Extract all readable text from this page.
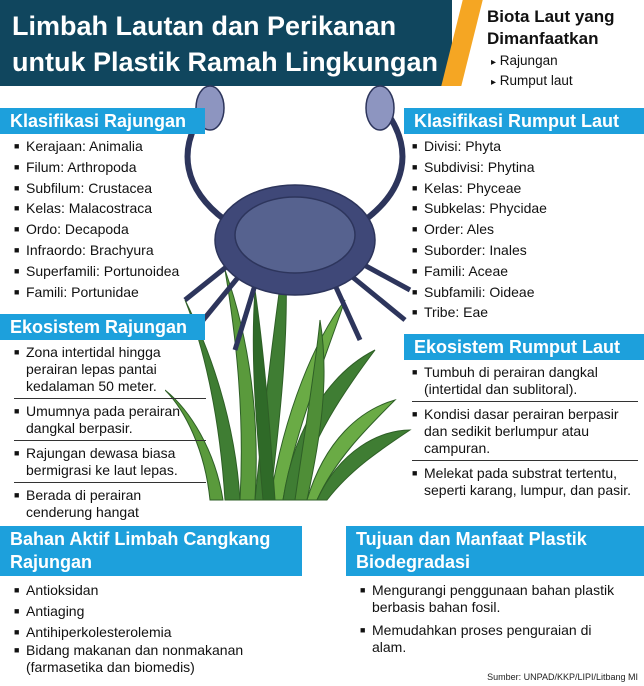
Limbah Lautan dan Perikanan
untuk Plastik Ramah Lingkungan
Biota Laut yang Dimanfaatkan
▸ Rajungan
▸ Rumput laut
Klasifikasi Rajungan
■ Kerajaan: Animalia
■ Filum: Arthropoda
■ Subfilum: Crustacea
■ Kelas: Malacostraca
■ Ordo: Decapoda
■ Infraordo: Brachyura
■ Superfamili: Portunoidea
■ Famili: Portunidae
Ekosistem Rajungan
■ Zona intertidal hingga perairan lepas pantai kedalaman 50 meter.
■ Umumnya pada perairan dangkal berpasir.
■ Rajungan dewasa biasa bermigrasi ke laut lepas.
■ Berada di perairan cenderung hangat
Klasifikasi Rumput Laut
■ Divisi: Phyta
■ Subdivisi: Phytina
■ Kelas: Phyceae
■ Subkelas: Phycidae
■ Order: Ales
■ Suborder: Inales
■ Famili: Aceae
■ Subfamili: Oideae
■ Tribe: Eae
Ekosistem Rumput Laut
■ Tumbuh di perairan dangkal (intertidal dan sublitoral).
■ Kondisi dasar perairan berpasir dan sedikit berlumpur atau campuran.
■ Melekat pada substrat tertentu, seperti karang, lumpur, dan pasir.
Bahan Aktif Limbah Cangkang Rajungan
■ Antioksidan
■ Antiaging
■ Antihiperkolesterolemia
■ Bidang makanan dan nonmakanan (farmasetika dan biomedis)
Tujuan dan Manfaat Plastik Biodegradasi
■ Mengurangi penggunaan bahan plastik berbasis bahan fosil.
■ Memudahkan proses penguraian di alam.
Sumber: UNPAD/KKP/LIPI/Litbang MI
